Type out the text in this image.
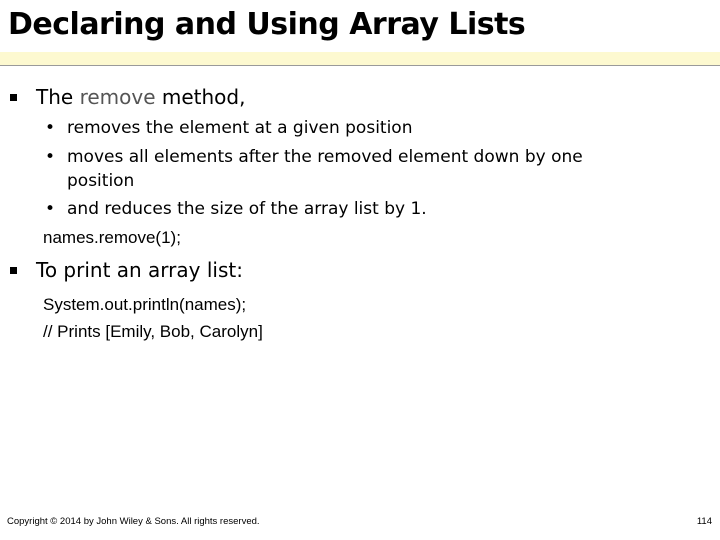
Declaring and Using Array Lists
The remove method,
• removes the element at a given position
• moves all elements after the removed element down by one
position
• and reduces the size of the array list by 1.
names.remove(1);
To print an array list:
System.out.println(names);
// Prints [Emily, Bob, Carolyn]
Copyright © 2014 by John Wiley & Sons. All rights reserved.	114
